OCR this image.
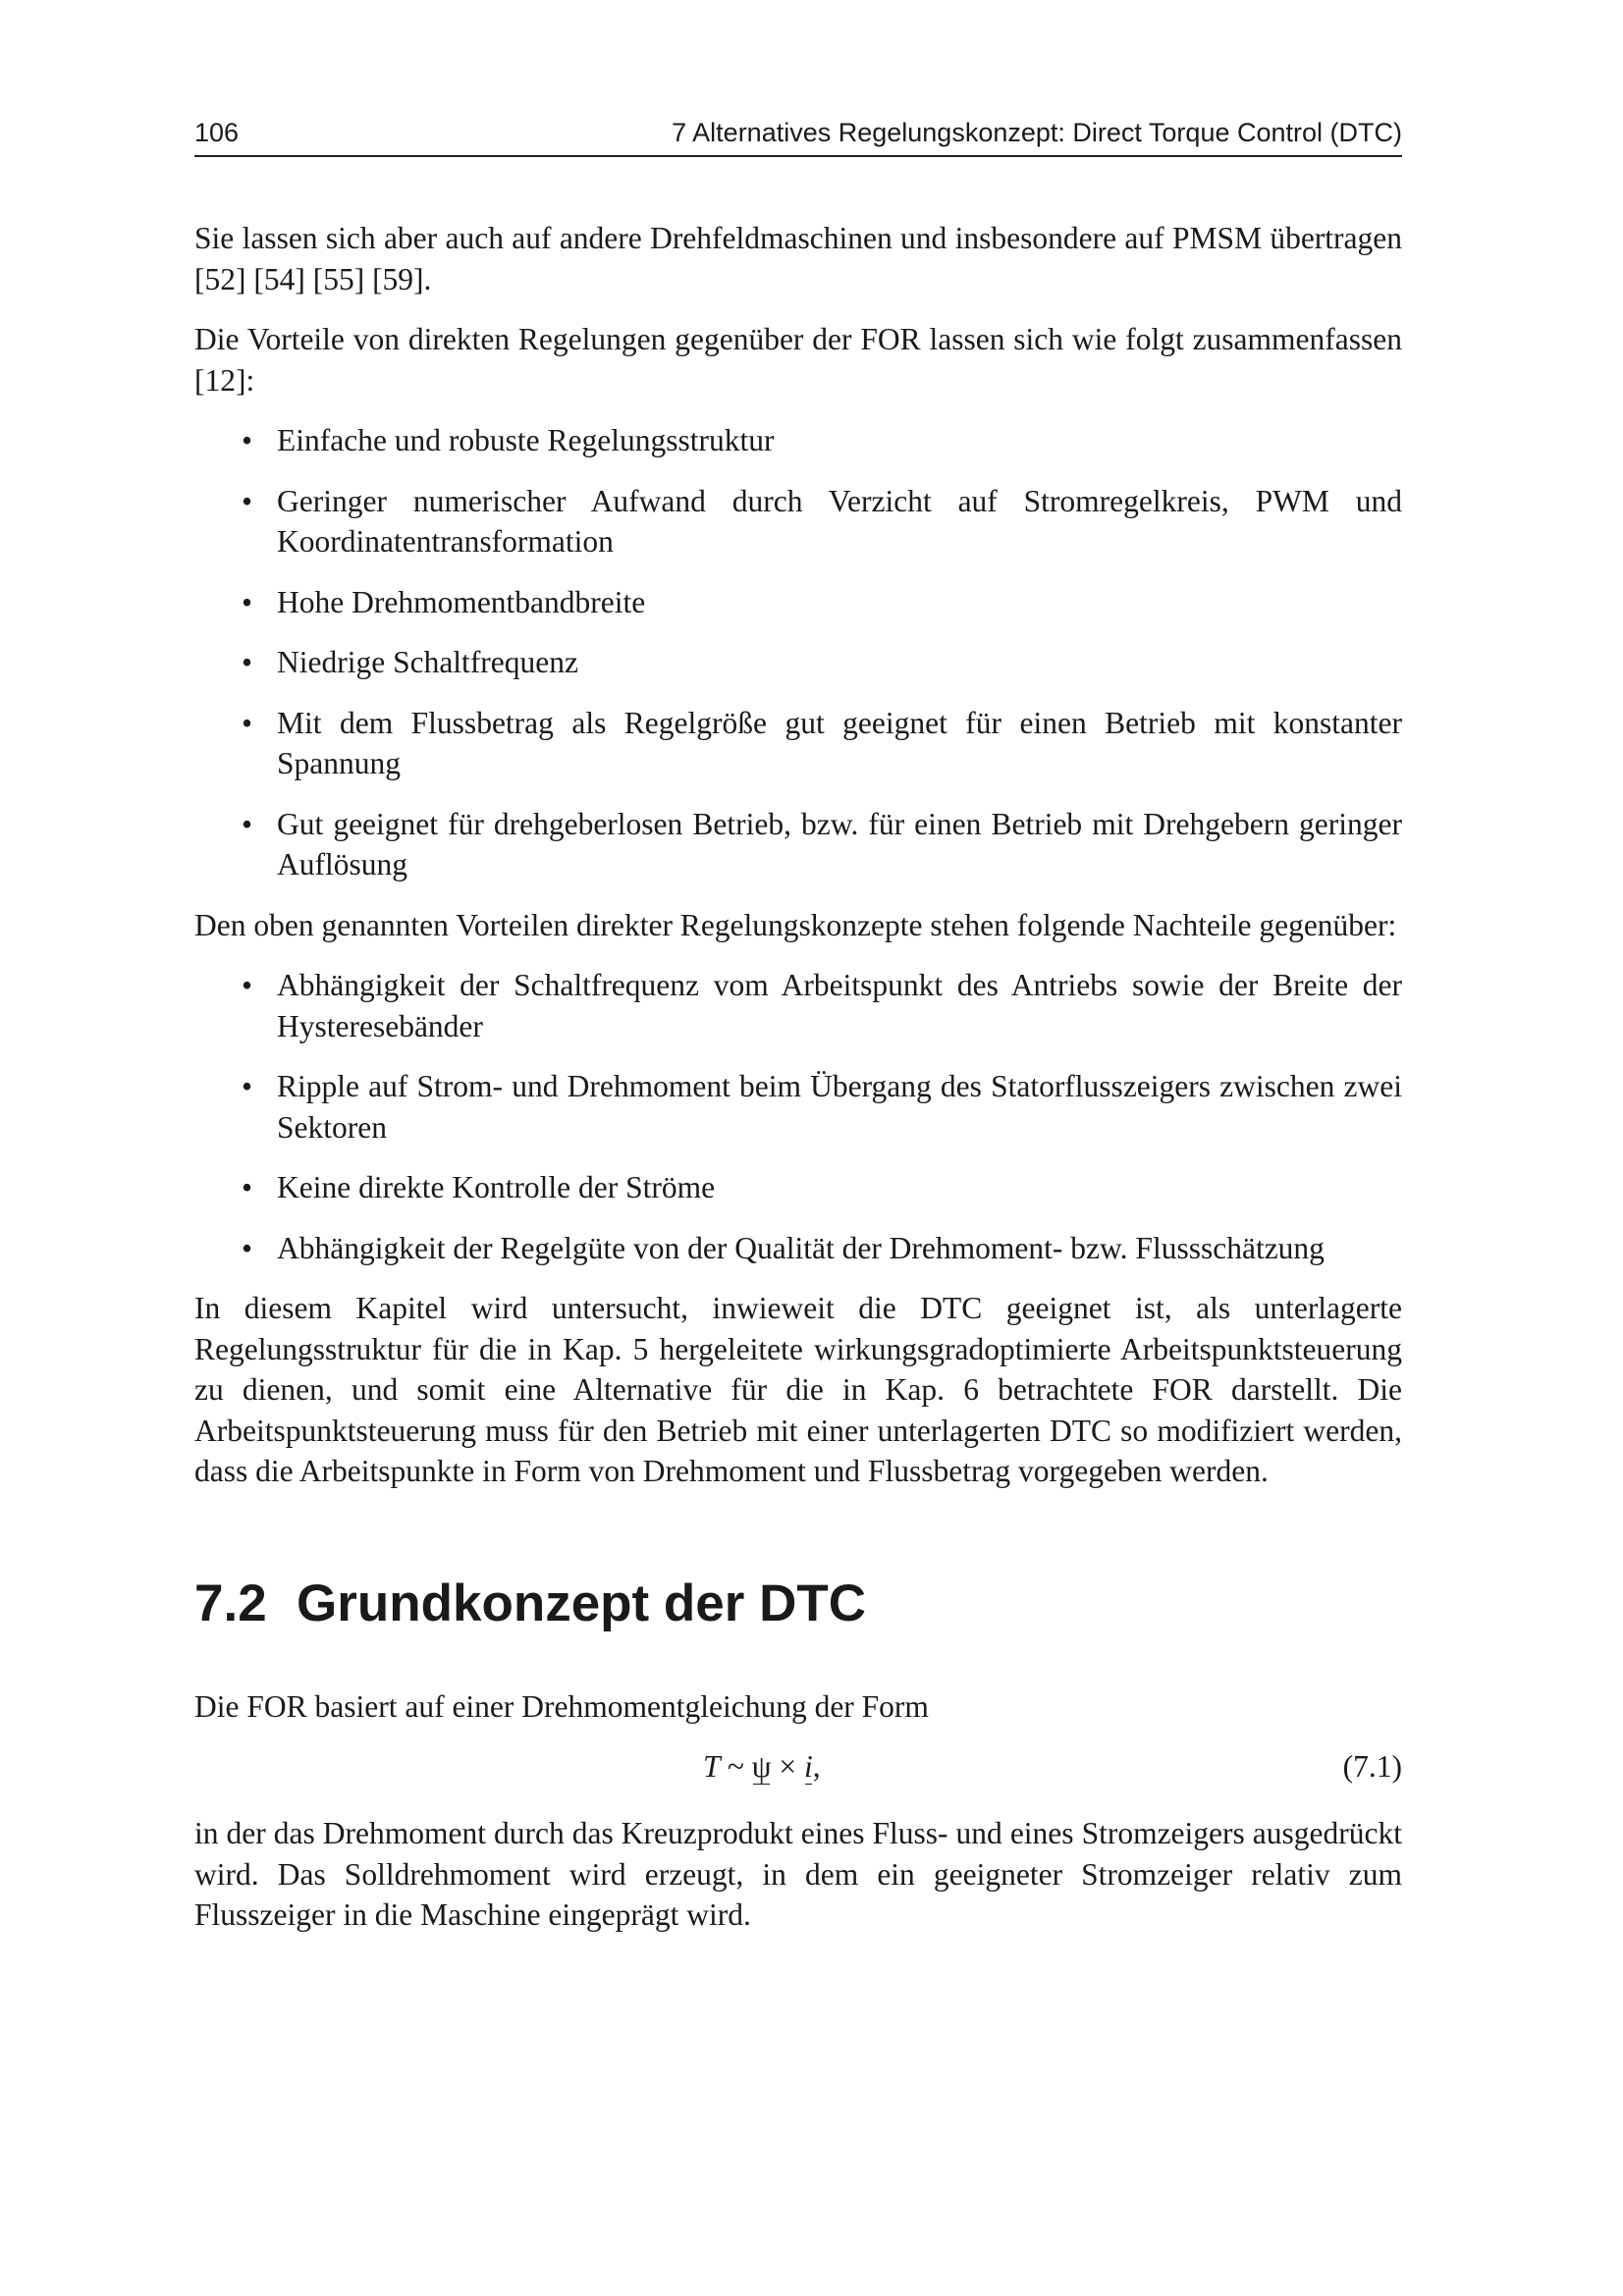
106	7 Alternatives Regelungskonzept: Direct Torque Control (DTC)

Sie lassen sich aber auch auf andere Drehfeldmaschinen und insbesondere auf PMSM übertragen [52] [54] [55] [59].

Die Vorteile von direkten Regelungen gegenüber der FOR lassen sich wie folgt zusammenfassen [12]:

• Einfache und robuste Regelungsstruktur
• Geringer numerischer Aufwand durch Verzicht auf Stromregelkreis, PWM und Koordinatentransformation
• Hohe Drehmomentbandbreite
• Niedrige Schaltfrequenz
• Mit dem Flussbetrag als Regelgröße gut geeignet für einen Betrieb mit konstanter Spannung
• Gut geeignet für drehgeberlosen Betrieb, bzw. für einen Betrieb mit Drehgebern geringer Auflösung

Den oben genannten Vorteilen direkter Regelungskonzepte stehen folgende Nachteile gegenüber:

• Abhängigkeit der Schaltfrequenz vom Arbeitspunkt des Antriebs sowie der Breite der Hysteresebänder
• Ripple auf Strom- und Drehmoment beim Übergang des Statorflusszeigers zwischen zwei Sektoren
• Keine direkte Kontrolle der Ströme
• Abhängigkeit der Regelgüte von der Qualität der Drehmoment- bzw. Flussschätzung

In diesem Kapitel wird untersucht, inwieweit die DTC geeignet ist, als unterlagerte Regelungsstruktur für die in Kap. 5 hergeleitete wirkungsgradoptimierte Arbeitspunktsteuerung zu dienen, und somit eine Alternative für die in Kap. 6 betrachtete FOR darstellt. Die Arbeitspunktsteuerung muss für den Betrieb mit einer unterlagerten DTC so modifiziert werden, dass die Arbeitspunkte in Form von Drehmoment und Flussbetrag vorgegeben werden.

7.2 Grundkonzept der DTC

Die FOR basiert auf einer Drehmomentgleichung der Form

T ~ ψ × i,	(7.1)

in der das Drehmoment durch das Kreuzprodukt eines Fluss- und eines Stromzeigers ausgedrückt wird. Das Solldrehmoment wird erzeugt, in dem ein geeigneter Stromzeiger relativ zum Flusszeiger in die Maschine eingeprägt wird.
